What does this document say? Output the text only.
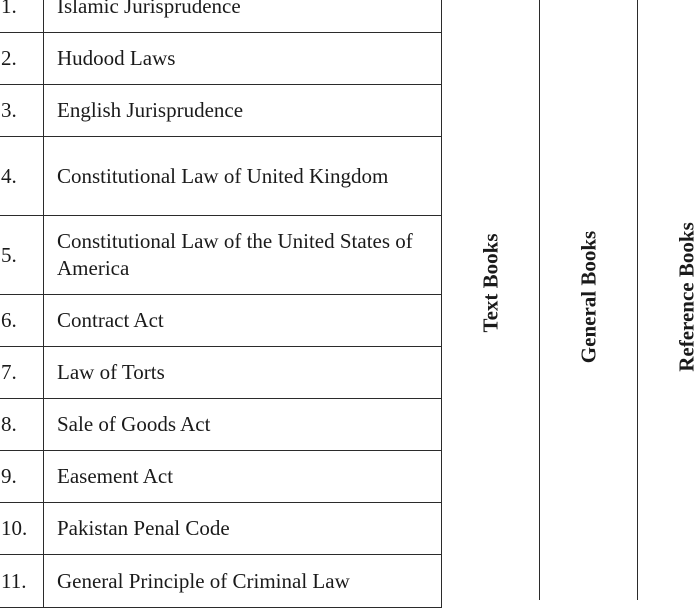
1.	Islamic Jurisprudence
2.	Hudood Laws
3.	English Jurisprudence
4.	Constitutional Law of United Kingdom
5.	Constitutional Law of the United States of America
6.	Contract Act
7.	Law of Torts
8.	Sale of Goods Act
9.	Easement Act
10.	Pakistan Penal Code
11.	General Principle of Criminal Law
Text Books	General Books	Reference Books
